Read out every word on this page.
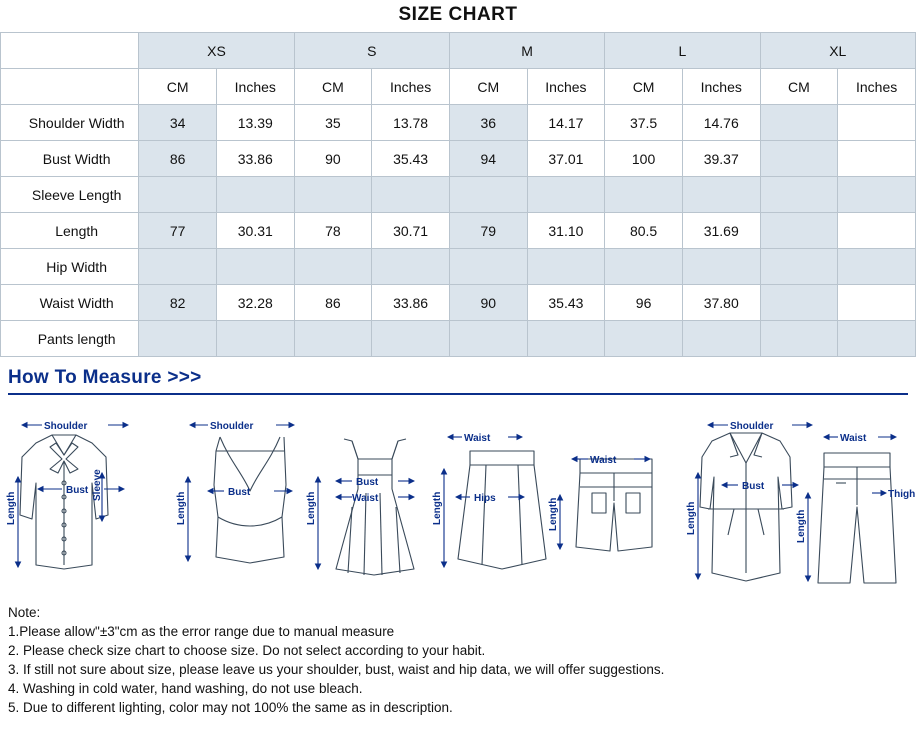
SIZE CHART
	XS		S		M		L		XL	
	CM	Inches	CM	Inches	CM	Inches	CM	Inches	CM	Inches
Shoulder Width	34	13.39	35	13.78	36	14.17	37.5	14.76		
Bust Width	86	33.86	90	35.43	94	37.01	100	39.37		
Sleeve Length										
Length	77	30.31	78	30.71	79	31.10	80.5	31.69		
Hip Width										
Waist Width	82	32.28	86	33.86	90	35.43	96	37.80		
Pants length										
How To Measure >>>
Shoulder
Bust
Length
Sleeve
Shoulder
Bust
Length
Bust
Waist
Length
Waist
Hips
Length
Waist
Length
Shoulder
Bust
Length
Waist
Thigh
Length
Note:
1.Please allow"±3"cm as the error range due to manual measure
2. Please check size chart to choose size. Do not select according to your habit.
3. If still not sure about size, please leave us your shoulder, bust, waist and hip data, we will offer suggestions.
4. Washing in cold water, hand washing, do not use bleach.
5. Due to different lighting, color may not 100% the same as in description.
